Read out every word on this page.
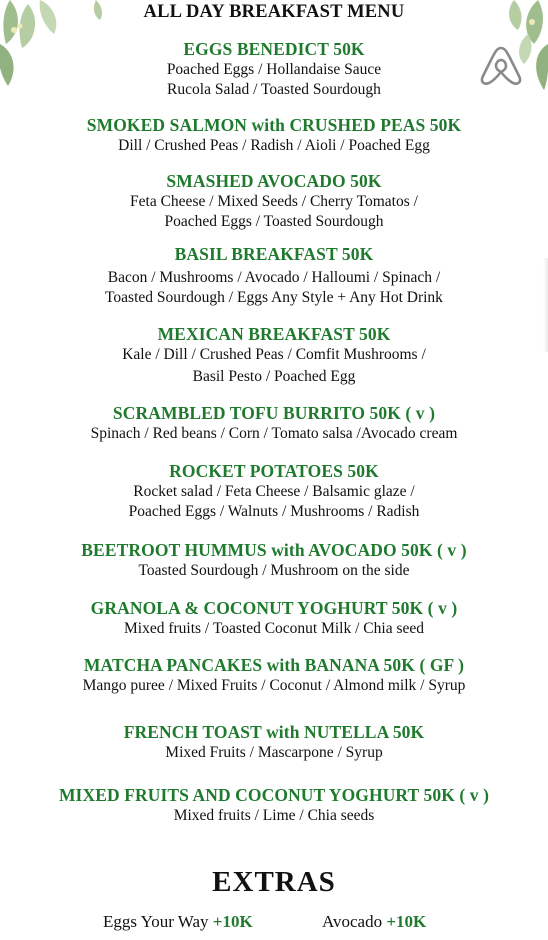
ALL DAY BREAKFAST MENU
EGGS BENEDICT 50K
Poached Eggs / Hollandaise Sauce
Rucola Salad / Toasted Sourdough
SMOKED SALMON with CRUSHED PEAS 50K
Dill / Crushed Peas / Radish / Aioli / Poached Egg
SMASHED AVOCADO 50K
Feta Cheese / Mixed Seeds / Cherry Tomatos /
Poached Eggs / Toasted Sourdough
BASIL BREAKFAST 50K
Bacon / Mushrooms / Avocado / Halloumi / Spinach /
Toasted Sourdough / Eggs Any Style + Any Hot Drink
MEXICAN BREAKFAST 50K
Kale / Dill / Crushed Peas / Comfit Mushrooms /
Basil Pesto / Poached Egg
SCRAMBLED TOFU BURRITO 50K ( v )
Spinach / Red beans / Corn / Tomato salsa /Avocado cream
ROCKET POTATOES 50K
Rocket salad / Feta Cheese / Balsamic glaze /
Poached Eggs / Walnuts / Mushrooms / Radish
BEETROOT HUMMUS with AVOCADO 50K ( v )
Toasted Sourdough / Mushroom on the side
GRANOLA & COCONUT YOGHURT 50K ( v )
Mixed fruits / Toasted Coconut Milk / Chia seed
MATCHA PANCAKES with BANANA 50K ( GF )
Mango puree / Mixed Fruits / Coconut / Almond milk / Syrup
FRENCH TOAST with NUTELLA 50K
Mixed Fruits / Mascarpone / Syrup
MIXED FRUITS AND COCONUT YOGHURT 50K ( v )
Mixed fruits / Lime / Chia seeds
EXTRAS
Eggs Your Way +10K	Avocado +10K
